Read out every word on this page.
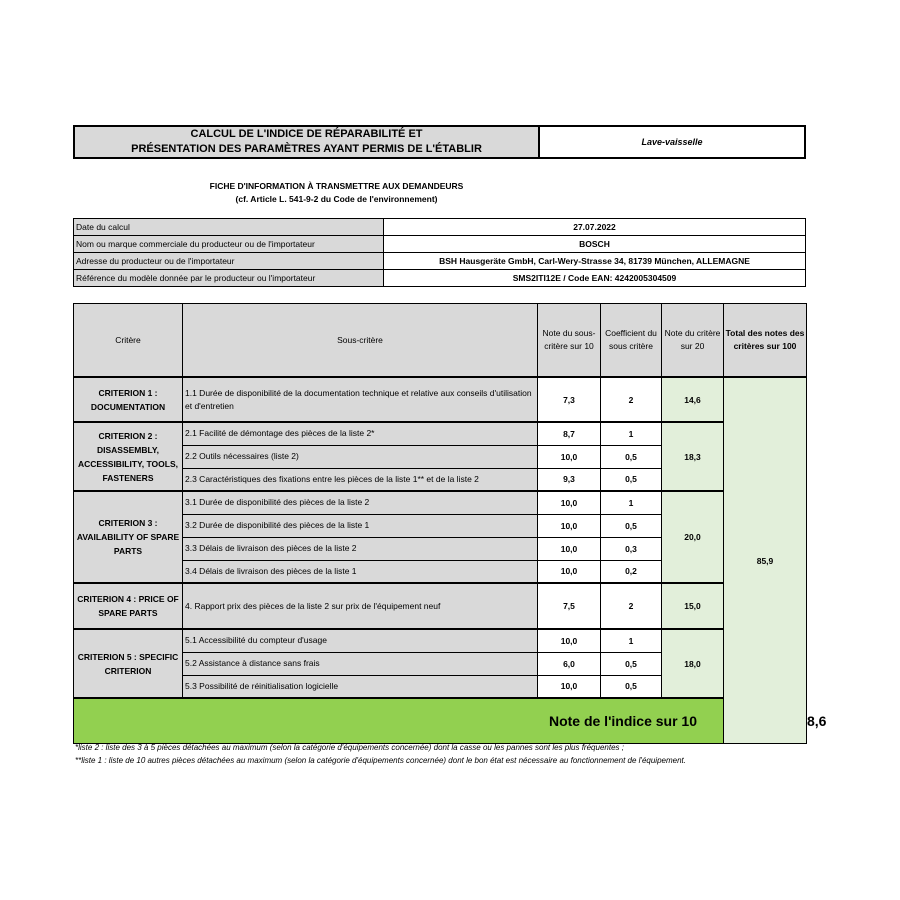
CALCUL DE L'INDICE DE RÉPARABILITÉ ET
PRÉSENTATION DES PARAMÈTRES AYANT PERMIS DE L'ÉTABLIR
	Lave-vaisselle
FICHE D'INFORMATION À TRANSMETTRE AUX DEMANDEURS
(cf. Article L. 541-9-2 du Code de l'environnement)
Date du calcul	27.07.2022
Nom ou marque commerciale du producteur ou de l'importateur	BOSCH
Adresse du producteur ou de l'importateur	BSH Hausgeräte GmbH, Carl-Wery-Strasse 34, 81739 München, ALLEMAGNE
Référence du modèle donnée par le producteur ou l'importateur	SMS2ITI12E / Code EAN: 4242005304509
Critère	Sous-critère	Note du sous-critère sur 10	Coefficient du sous critère	Note du critère sur 20	Total des notes des critères sur 100	
CRITERION 1 : DOCUMENTATION	1.1 Durée de disponibilité de la documentation technique et relative aux conseils d'utilisation et d'entretien	7,3	2	14,6	85,9	
CRITERION 2 : DISASSEMBLY, ACCESSIBILITY, TOOLS, FASTENERS	2.1 Facilité de démontage des pièces de la liste 2*	8,7	1	18,3		
	2.2 Outils nécessaires (liste 2)	10,0	0,5			
	2.3 Caractéristiques des fixations entre les pièces de la liste 1** et de la liste 2	9,3	0,5			
CRITERION 3 : AVAILABILITY OF SPARE PARTS	3.1 Durée de disponibilité des pièces de la liste 2	10,0	1	20,0		
	3.2 Durée de disponibilité des pièces de la liste 1	10,0	0,5			
	3.3 Délais de livraison des pièces de la liste 2	10,0	0,3			
	3.4 Délais de livraison des pièces de la liste 1	10,0	0,2			
CRITERION 4 : PRICE OF SPARE PARTS	4. Rapport prix des pièces de la liste 2 sur prix de l'équipement neuf	7,5	2	15,0		
CRITERION 5 : SPECIFIC CRITERION	5.1 Accessibilité du compteur d'usage	10,0	1	18,0		
	5.2 Assistance à distance sans frais	6,0	0,5			
	5.3 Possibilité de réinitialisation logicielle	10,0	0,5			
Note de l'indice sur 10						8,6
*liste 2 : liste des 3 à 5 pièces détachées au maximum (selon la catégorie d'équipements concernée) dont la casse ou les pannes sont les plus fréquentes ;
**liste 1 : liste de 10 autres pièces détachées au maximum (selon la catégorie d'équipements concernée) dont le bon état est nécessaire au fonctionnement de l'équipement.
